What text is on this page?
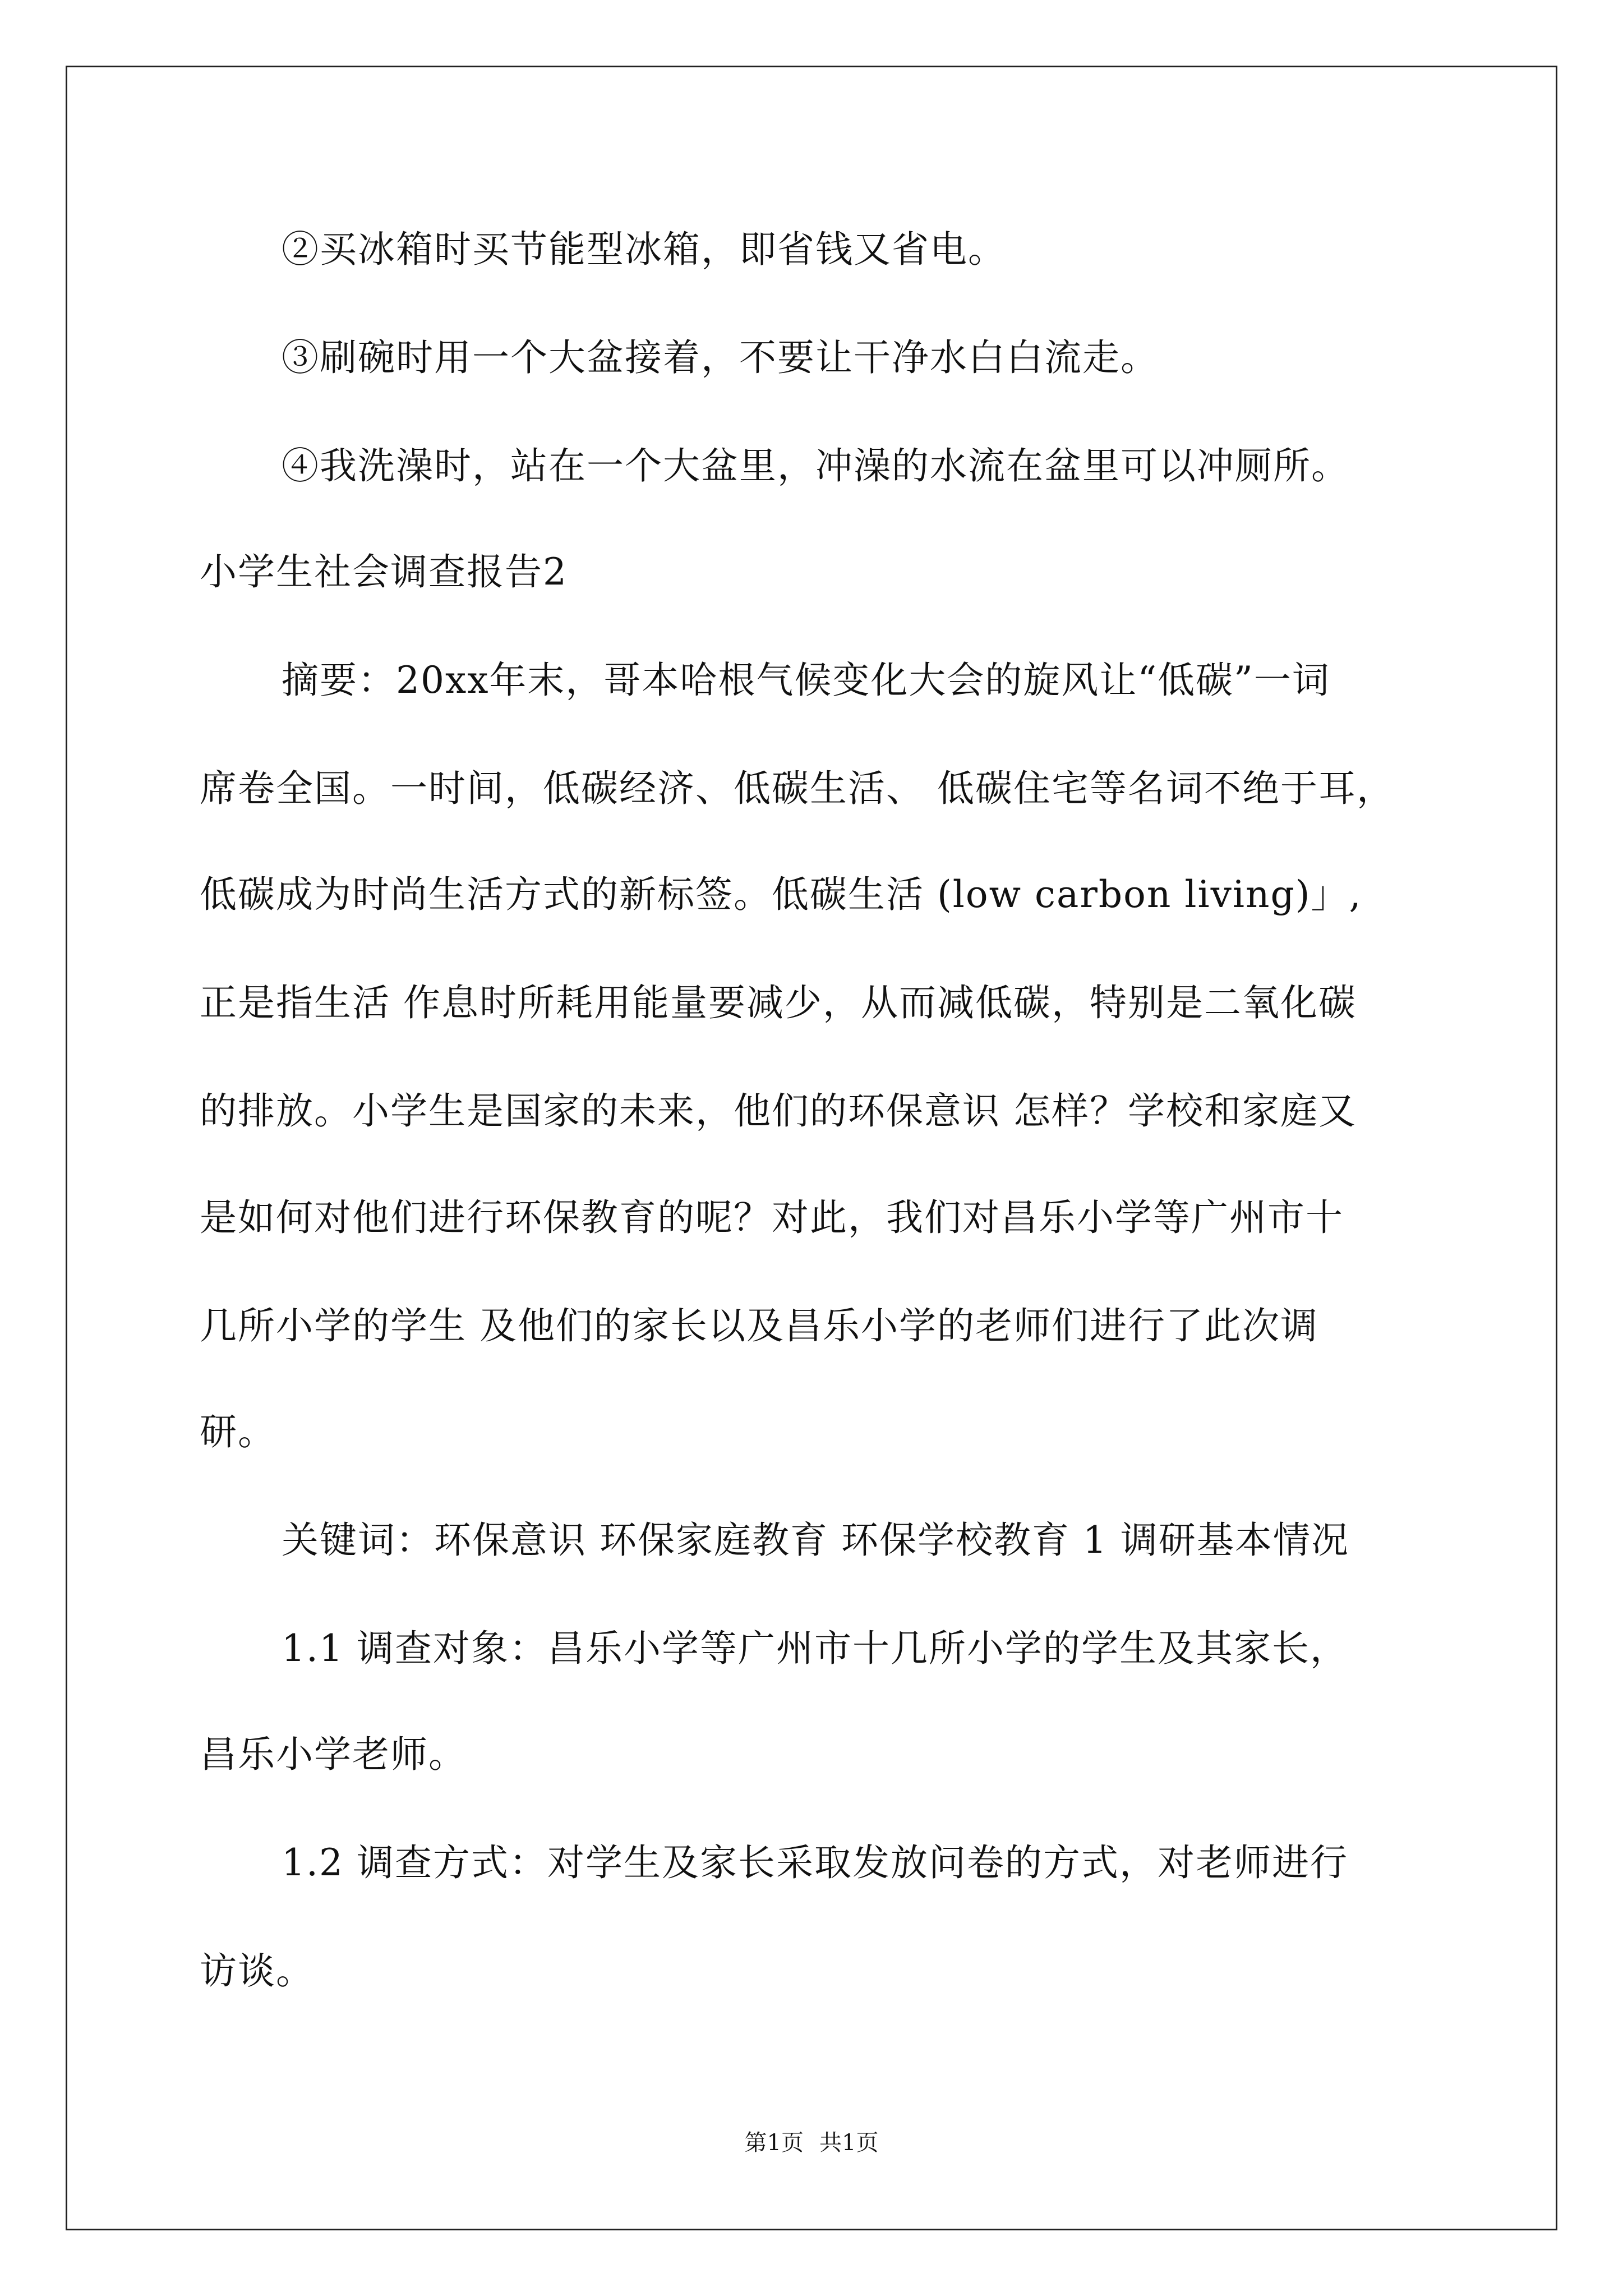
②买冰箱时买节能型冰箱，即省钱又省电。
③刷碗时用一个大盆接着，不要让干净水白白流走。
④我洗澡时，站在一个大盆里，冲澡的水流在盆里可以冲厕所。
小学生社会调查报告2
摘要：20xx年末，哥本哈根气候变化大会的旋风让“低碳”一词
席卷全国。一时间，低碳经济、低碳生活、 低碳住宅等名词不绝于耳，
低碳成为时尚生活方式的新标签。低碳生活 (low carbon living)」,
正是指生活 作息时所耗用能量要减少，从而减低碳，特别是二氧化碳
的排放。小学生是国家的未来，他们的环保意识 怎样？学校和家庭又
是如何对他们进行环保教育的呢？对此，我们对昌乐小学等广州市十
几所小学的学生 及他们的家长以及昌乐小学的老师们进行了此次调
研。
关键词：环保意识 环保家庭教育 环保学校教育 1 调研基本情况
1.1 调查对象：昌乐小学等广州市十几所小学的学生及其家长，
昌乐小学老师。
1.2 调查方式：对学生及家长采取发放问卷的方式，对老师进行
访谈。
第1页 共1页
